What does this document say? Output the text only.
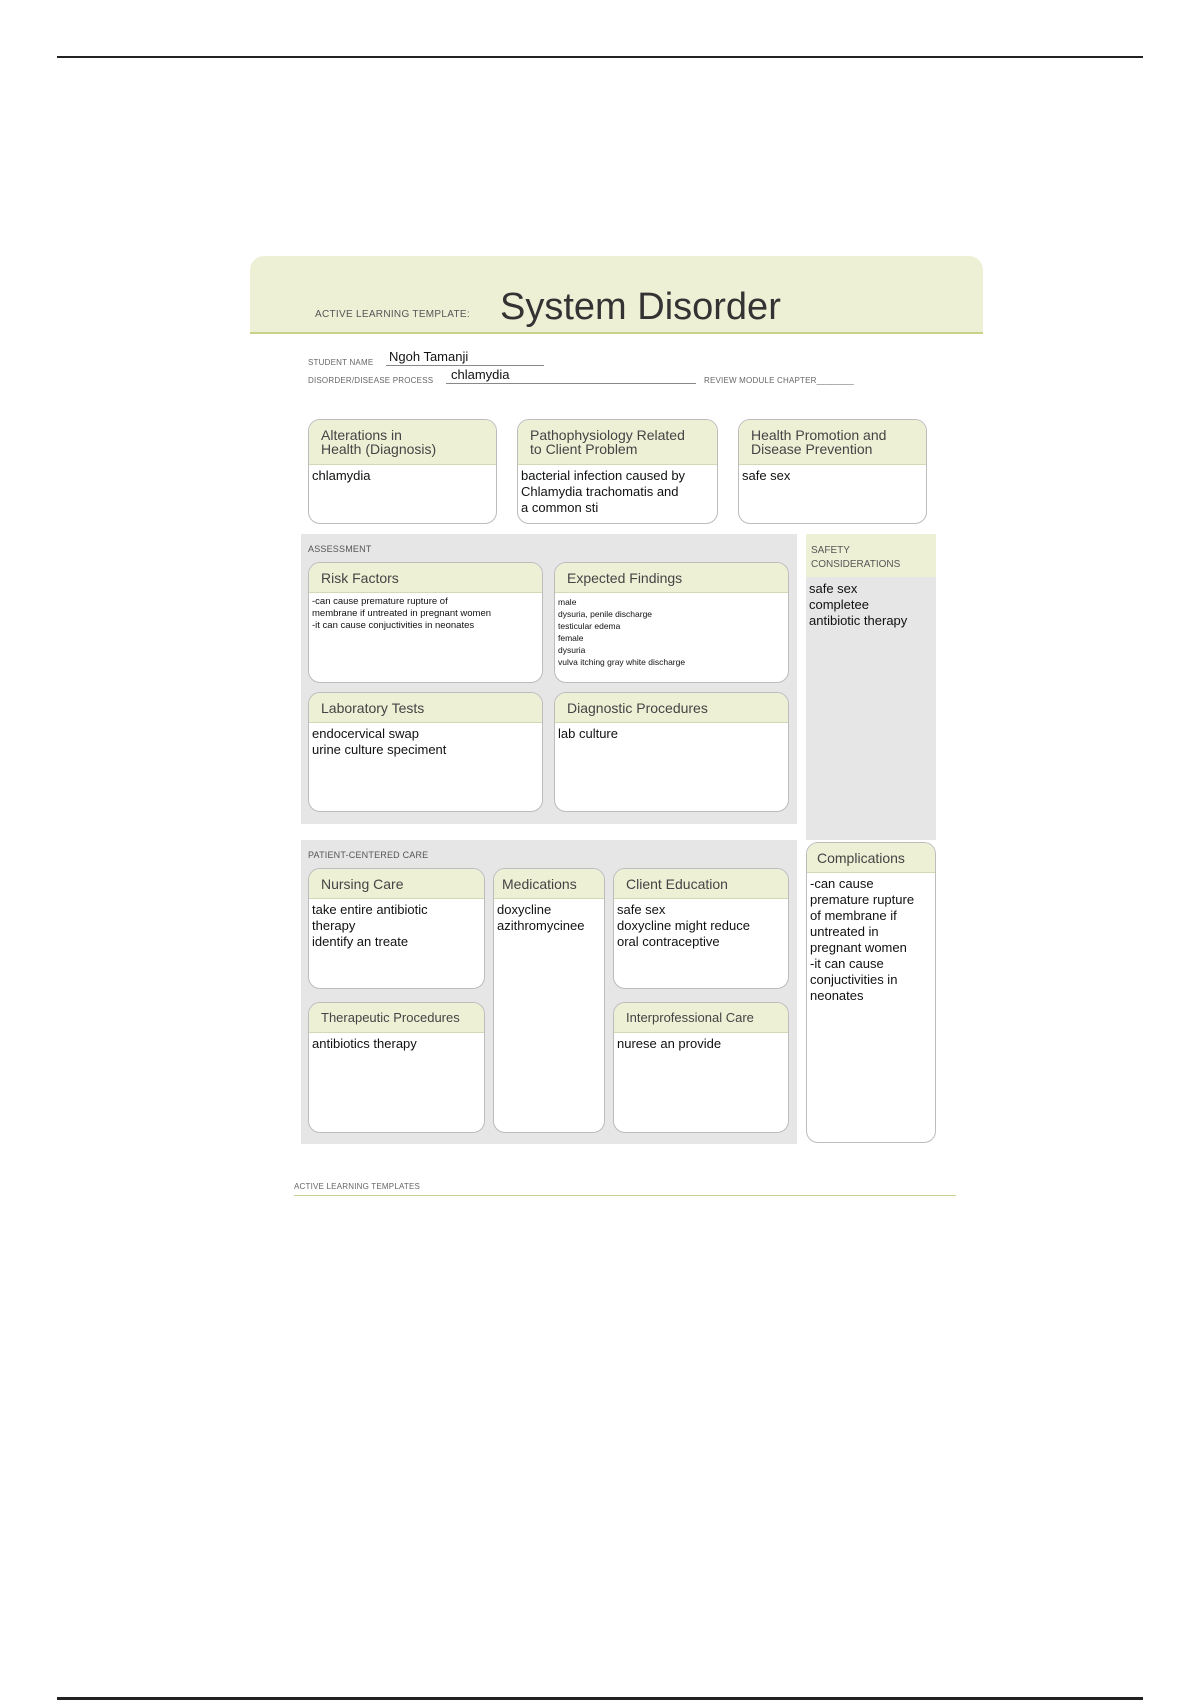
ACTIVE LEARNING TEMPLATE: System Disorder
STUDENT NAME Ngoh Tamanji
DISORDER/DISEASE PROCESS chlamydia	REVIEW MODULE CHAPTER________
Alterations in
Health (Diagnosis)
chlamydia
Pathophysiology Related
to Client Problem
bacterial infection caused by
Chlamydia trachomatis and
a common sti
Health Promotion and
Disease Prevention
safe sex
ASSESSMENT
Risk Factors
-can cause premature rupture of
membrane if untreated in pregnant women
-it can cause conjuctivities in neonates
Expected Findings
male
dysuria, penile discharge
testicular edema
female
dysuria
vulva itching gray white discharge
Laboratory Tests
endocervical swap
urine culture speciment
Diagnostic Procedures
lab culture
SAFETY
CONSIDERATIONS
safe sex
completee
antibiotic therapy
PATIENT-CENTERED CARE
Nursing Care
take entire antibiotic
therapy
identify an treate
Medications
doxycline
azithromycinee
Client Education
safe sex
doxycline might reduce
oral contraceptive
Therapeutic Procedures
antibiotics therapy
Interprofessional Care
nurese an provide
Complications
-can cause
premature rupture
of membrane if
untreated in
pregnant women
-it can cause
conjuctivities in
neonates
ACTIVE LEARNING TEMPLATES
